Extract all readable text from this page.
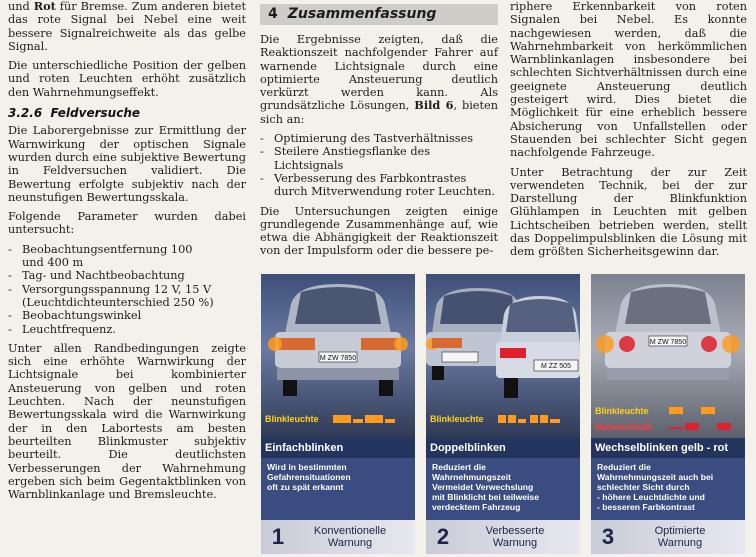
und Rot für Bremse. Zum anderen bietet das rote Signal bei Nebel eine weit bessere Signalreichweite als das gelbe Signal.

Die unterschiedliche Position der gelben und roten Leuchten erhöht zusätzlich den Wahrnehmungseffekt.

3.2.6 Feldversuche

Die Laborergebnisse zur Ermittlung der Warnwirkung der optischen Signale wurden durch eine subjektive Bewertung in Feldversuchen validiert. Die Bewertung erfolgte subjektiv nach der neunstufigen Bewertungsskala.

Folgende Parameter wurden dabei untersucht:

- Beobachtungsentfernung 100
und 400 m
- Tag- und Nachtbeobachtung
- Versorgungsspannung 12 V, 15 V
(Leuchtdichteunterschied 250 %)
- Beobachtungswinkel
- Leuchtfrequenz.

Unter allen Randbedingungen zeigte sich eine erhöhte Warnwirkung der Lichtsignale bei kombinierter Ansteuerung von gelben und roten Leuchten. Nach der neunstufigen Bewertungsskala wird die Warnwirkung der in den Labortests am besten beurteilten Blinkmuster subjektiv beurteilt. Die deutlichsten Verbesserungen der Wahrnehmung ergeben sich beim Gegentaktblinken von Warnblinkanlage und Bremsleuchte.

4 Zusammenfassung

Die Ergebnisse zeigten, daß die Reaktionszeit nachfolgender Fahrer auf warnende Lichtsignale durch eine optimierte Ansteuerung deutlich verkürzt werden kann. Als grundsätzliche Lösungen, Bild 6, bieten sich an:

- Optimierung des Tastverhältnisses
- Steilere Anstiegsflanke des Lichtsignals
- Verbesserung des Farbkontrastes durch Mitverwendung roter Leuchten.

Die Untersuchungen zeigten einige grundlegende Zusammenhänge auf, wie etwa die Abhängigkeit der Reaktionszeit von der Impulsform oder die bessere pe-

riphere Erkennbarkeit von roten Signalen bei Nebel. Es konnte nachgewiesen werden, daß die Wahrnehmbarkeit von herkömmlichen Warnblinkanlagen insbesondere bei schlechten Sichtverhältnissen durch eine geeignete Ansteuerung deutlich gesteigert wird. Dies bietet die Möglichkeit für eine erheblich bessere Absicherung von Unfallstellen oder Stauenden bei schlechter Sicht gegen nachfolgende Fahrzeuge.

Unter Betrachtung der zur Zeit verwendeten Technik, bei der zur Darstellung der Blinkfunktion Glühlampen in Leuchten mit gelben Lichtscheiben betrieben werden, stellt das Doppelimpulsblinken die Lösung mit dem größten Sicherheitsgewinn dar.

M ZW 7850
Blinkleuchte
Einfachblinken
Wird in bestimmten
Gefahrensituationen
oft zu spät erkannt
1	Konventionelle
Warnung
M ZZ 505
Blinkleuchte
Doppelblinken
Reduziert die
Wahrnehmungszeit
Vermeidet Verwechslung
mit Blinklicht bei teilweise
verdecktem Fahrzeug
2	Verbesserte
Warnung
M ZW 7850
Blinkleuchte
Nebelschlußl.
Wechselblinken gelb - rot
Reduziert die
Wahrnehmungszeit auch bei
schlechter Sicht durch
- höhere Leuchtdichte und
- besseren Farbkontrast
3	Optimierte
Warnung
